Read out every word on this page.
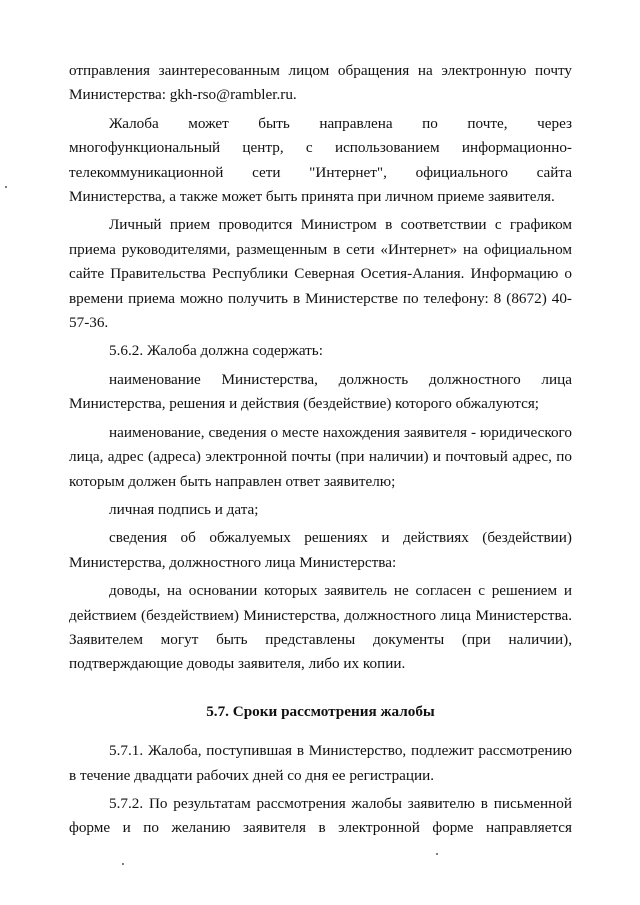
отправления заинтересованным лицом обращения на электронную почту Министерства: gkh-rso@rambler.ru.

Жалоба может быть направлена по почте, через многофункциональный центр, с использованием информационно-телекоммуникационной сети "Интернет", официального сайта Министерства, а также может быть принята при личном приеме заявителя.

Личный прием проводится Министром в соответствии с графиком приема руководителями, размещенным в сети «Интернет» на официальном сайте Правительства Республики Северная Осетия-Алания. Информацию о времени приема можно получить в Министерстве по телефону: 8 (8672) 40-57-36.

5.6.2. Жалоба должна содержать:

наименование Министерства, должность должностного лица Министерства, решения и действия (бездействие) которого обжалуются;

наименование, сведения о месте нахождения заявителя - юридического лица, адрес (адреса) электронной почты (при наличии) и почтовый адрес, по которым должен быть направлен ответ заявителю;

личная подпись и дата;

сведения об обжалуемых решениях и действиях (бездействии) Министерства, должностного лица Министерства:

доводы, на основании которых заявитель не согласен с решением и действием (бездействием) Министерства, должностного лица Министерства. Заявителем могут быть представлены документы (при наличии), подтверждающие доводы заявителя, либо их копии.

5.7. Сроки рассмотрения жалобы

5.7.1. Жалоба, поступившая в Министерство, подлежит рассмотрению в течение двадцати рабочих дней со дня ее регистрации.

5.7.2. По результатам рассмотрения жалобы заявителю в письменной форме и по желанию заявителя в электронной форме направляется
